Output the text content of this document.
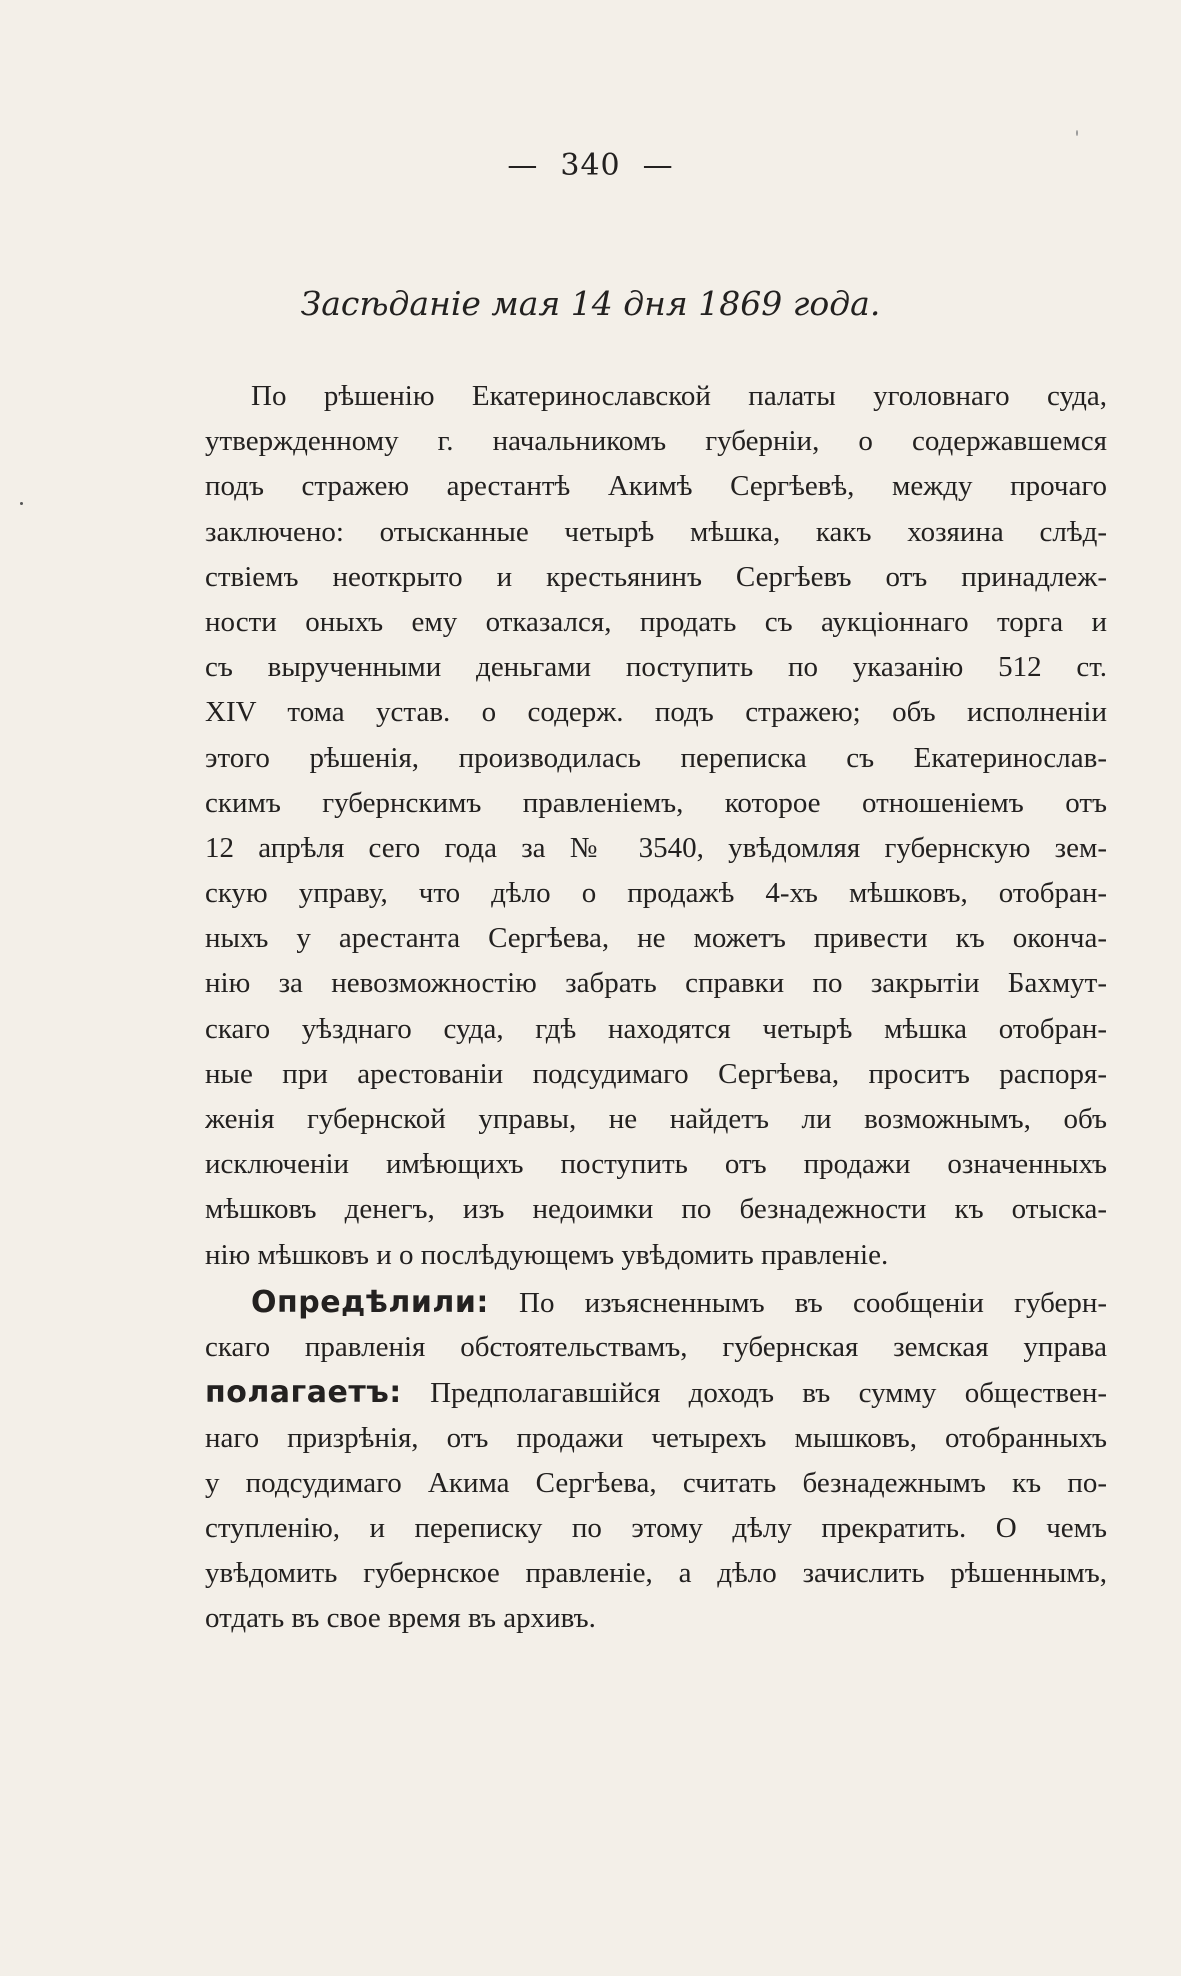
— 340 —
Засѣданіе мая 14 дня 1869 года.
По рѣшенію Екатеринославской палаты уголовнаго суда,
утвержденному г. начальникомъ губерніи, о содержавшемся
подъ стражею арестантѣ Акимѣ Сергѣевѣ, между прочаго
заключено: отысканные четырѣ мѣшка, какъ хозяина слѣд-
ствіемъ неоткрыто и крестьянинъ Сергѣевъ отъ принадлеж-
ности оныхъ ему отказался, продать съ аукціоннаго торга и
съ вырученными деньгами поступить по указанію 512 ст.
XIV тома устав. о содерж. подъ стражею; объ исполненіи
этого рѣшенія, производилась переписка съ Екатеринослав-
скимъ губернскимъ правленіемъ, которое отношеніемъ отъ
12 апрѣля сего года за № 3540, увѣдомляя губернскую зем-
скую управу, что дѣло о продажѣ 4-хъ мѣшковъ, отобран-
ныхъ у арестанта Сергѣева, не можетъ привести къ оконча-
нію за невозможностію забрать справки по закрытіи Бахмут-
скаго уѣзднаго суда, гдѣ находятся четырѣ мѣшка отобран-
ные при арестованіи подсудимаго Сергѣева, проситъ распоря-
женія губернской управы, не найдетъ ли возможнымъ, объ
исключеніи имѣющихъ поступить отъ продажи означенныхъ
мѣшковъ денегъ, изъ недоимки по безнадежности къ отыска-
нію мѣшковъ и о послѣдующемъ увѣдомить правленіе.
Опредѣлили: По изъясненнымъ въ сообщеніи губерн-
скаго правленія обстоятельствамъ, губернская земская управа
полагаетъ: Предполагавшійся доходъ въ сумму обществен-
наго призрѣнія, отъ продажи четырехъ мышковъ, отобранныхъ
у подсудимаго Акима Сергѣева, считать безнадежнымъ къ по-
ступленію, и переписку по этому дѣлу прекратить. О чемъ
увѣдомить губернское правленіе, а дѣло зачислить рѣшеннымъ,
отдать въ свое время въ архивъ.
